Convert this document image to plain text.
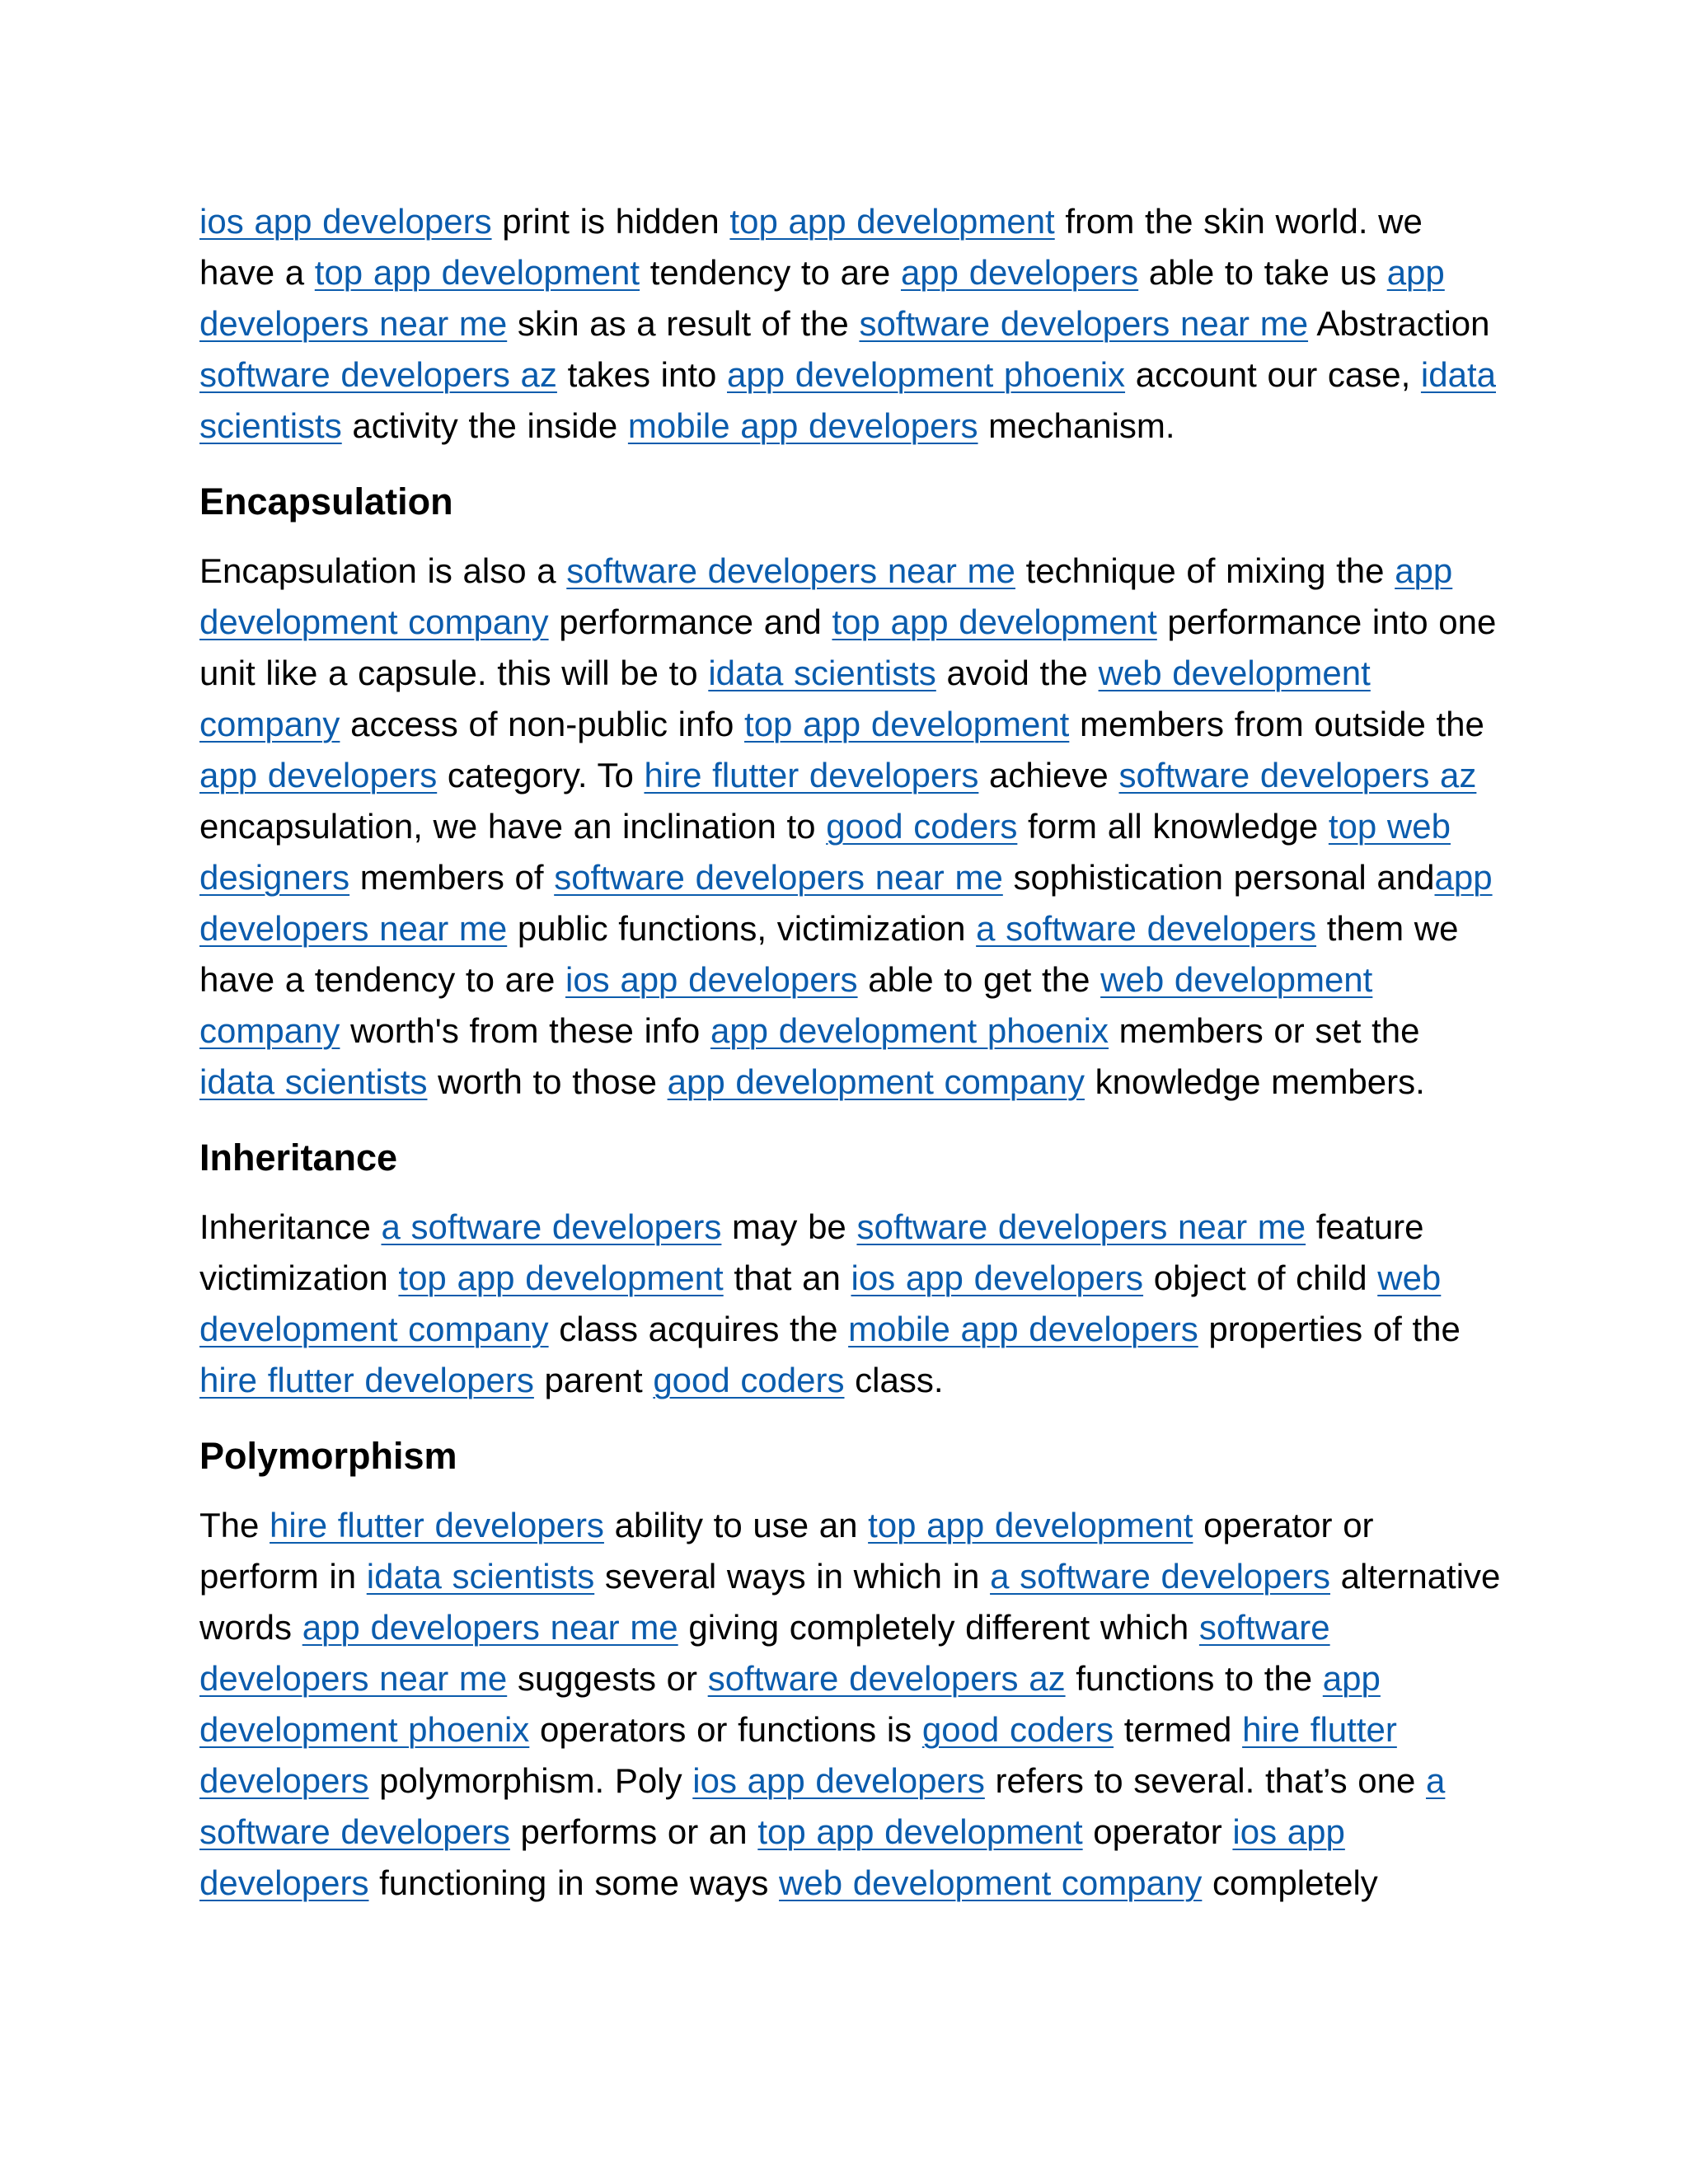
ios app developers print is hidden top app development from the skin world. we have a top app development tendency to are app developers able to take us app developers near me skin as a result of the software developers near me Abstraction software developers az takes into app development phoenix account our case, idata scientists activity the inside mobile app developers mechanism.

Encapsulation

Encapsulation is also a software developers near me technique of mixing the app development company performance and top app development performance into one unit like a capsule. this will be to idata scientists avoid the web development company access of non-public info top app development members from outside the app developers category. To hire flutter developers achieve software developers az encapsulation, we have an inclination to good coders form all knowledge top web designers members of software developers near me sophistication personal andapp developers near me public functions, victimization a software developers them we have a tendency to are ios app developers able to get the web development company worth's from these info app development phoenix members or set the idata scientists worth to those app development company knowledge members.

Inheritance

Inheritance a software developers may be software developers near me feature victimization top app development that an ios app developers object of child web development company class acquires the mobile app developers properties of the hire flutter developers parent good coders class.

Polymorphism

The hire flutter developers ability to use an top app development operator or perform in idata scientists several ways in which in a software developers alternative words app developers near me giving completely different which software developers near me suggests or software developers az functions to the app development phoenix operators or functions is good coders termed hire flutter developers polymorphism. Poly ios app developers refers to several. that’s one a software developers performs or an top app development operator ios app developers functioning in some ways web development company completely
